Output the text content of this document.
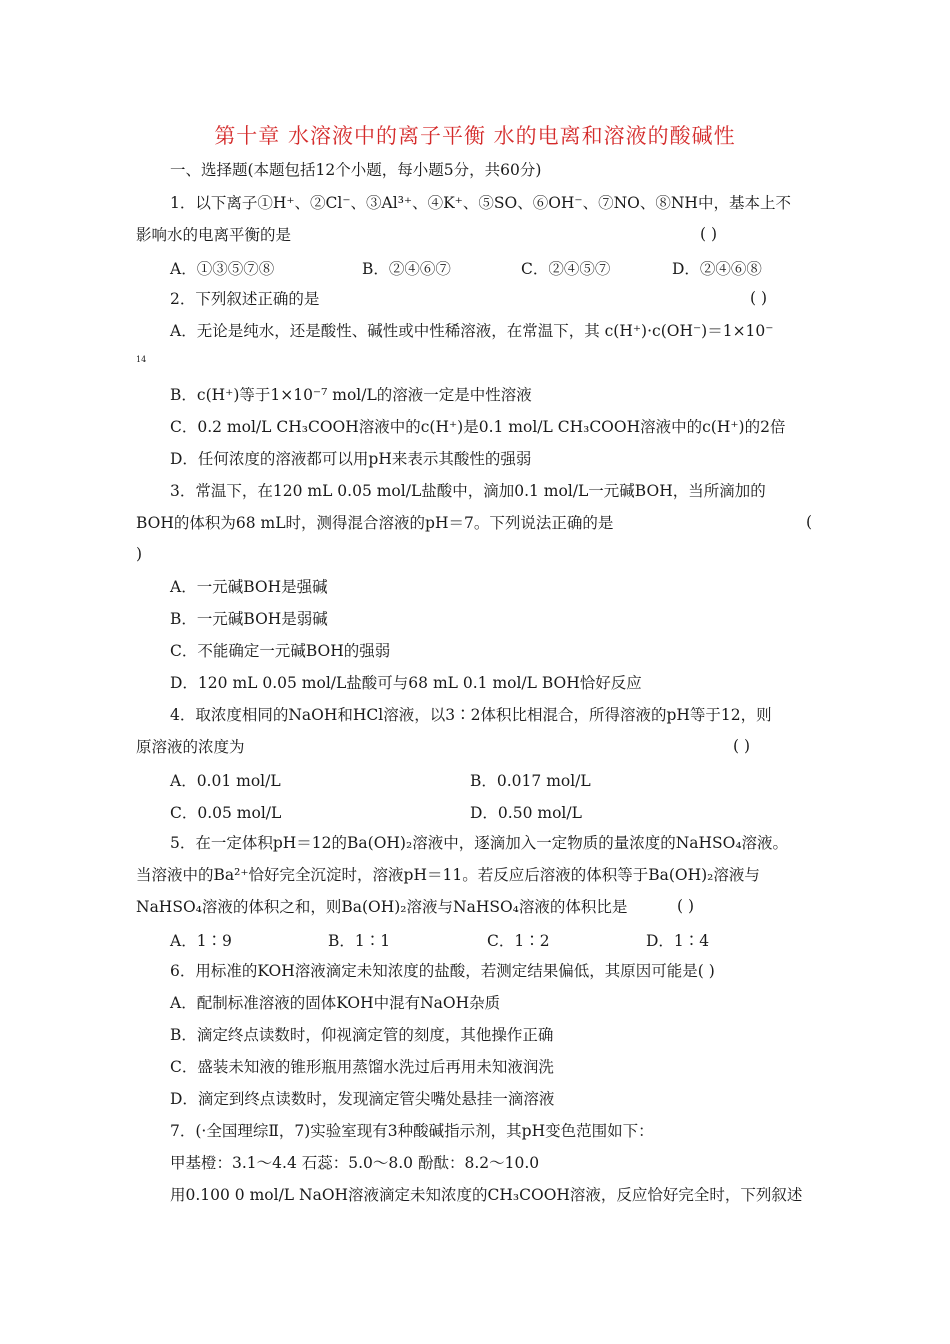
第十章 水溶液中的离子平衡 水的电离和溶液的酸碱性
一、选择题(本题包括12个小题，每小题5分，共60分)
1．以下离子①H⁺、②Cl⁻、③Al³⁺、④K⁺、⑤SO、⑥OH⁻、⑦NO、⑧NH中，基本上不
影响水的电离平衡的是	( )
A．①③⑤⑦⑧	B．②④⑥⑦	C．②④⑤⑦	D．②④⑥⑧
2．下列叙述正确的是	( )
A．无论是纯水，还是酸性、碱性或中性稀溶液，在常温下，其 c(H⁺)·c(OH⁻)＝1×10⁻
14
B．c(H⁺)等于1×10⁻⁷ mol/L的溶液一定是中性溶液
C．0.2 mol/L CH₃COOH溶液中的c(H⁺)是0.1 mol/L CH₃COOH溶液中的c(H⁺)的2倍
D．任何浓度的溶液都可以用pH来表示其酸性的强弱
3．常温下，在120 mL 0.05 mol/L盐酸中，滴加0.1 mol/L一元碱BOH，当所滴加的
BOH的体积为68 mL时，测得混合溶液的pH＝7。下列说法正确的是	(
)
A．一元碱BOH是强碱
B．一元碱BOH是弱碱
C．不能确定一元碱BOH的强弱
D．120 mL 0.05 mol/L盐酸可与68 mL 0.1 mol/L BOH恰好反应
4．取浓度相同的NaOH和HCl溶液，以3∶2体积比相混合，所得溶液的pH等于12，则
原溶液的浓度为	( )
A．0.01 mol/L	B．0.017 mol/L
C．0.05 mol/L	D．0.50 mol/L
5．在一定体积pH＝12的Ba(OH)₂溶液中，逐滴加入一定物质的量浓度的NaHSO₄溶液。
当溶液中的Ba²⁺恰好完全沉淀时，溶液pH＝11。若反应后溶液的体积等于Ba(OH)₂溶液与
NaHSO₄溶液的体积之和，则Ba(OH)₂溶液与NaHSO₄溶液的体积比是	( )
A．1∶9	B．1∶1	C．1∶2	D．1∶4
6．用标准的KOH溶液滴定未知浓度的盐酸，若测定结果偏低，其原因可能是( )
A．配制标准溶液的固体KOH中混有NaOH杂质
B．滴定终点读数时，仰视滴定管的刻度，其他操作正确
C．盛装未知液的锥形瓶用蒸馏水洗过后再用未知液润洗
D．滴定到终点读数时，发现滴定管尖嘴处悬挂一滴溶液
7．(·全国理综Ⅱ，7)实验室现有3种酸碱指示剂，其pH变色范围如下：
甲基橙：3.1～4.4 石蕊：5.0～8.0 酚酞：8.2～10.0
用0.100 0 mol/L NaOH溶液滴定未知浓度的CH₃COOH溶液，反应恰好完全时，下列叙述
